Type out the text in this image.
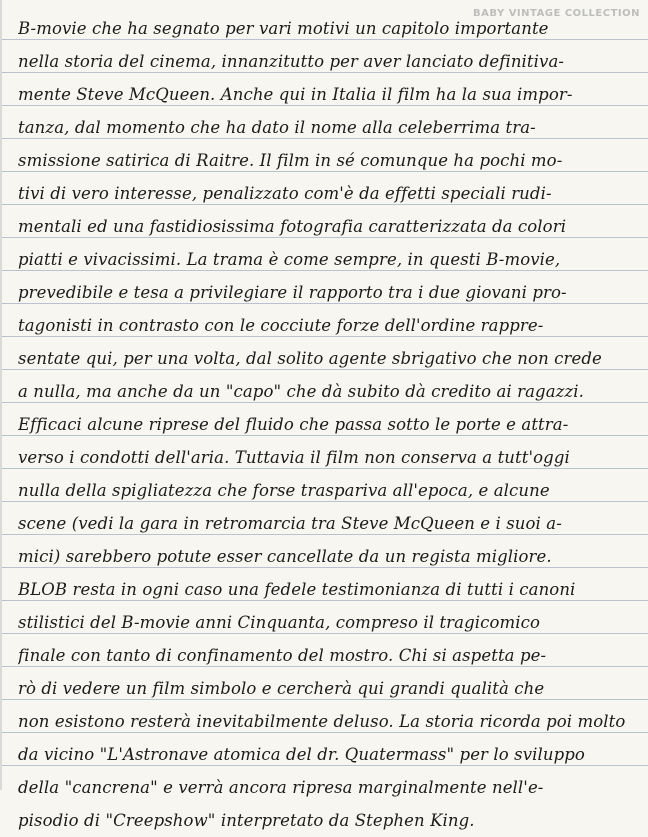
BABY VINTAGE COLLECTION
B-movie che ha segnato per vari motivi un capitolo importante
nella storia del cinema, innanzitutto per aver lanciato definitiva-
mente Steve McQueen. Anche qui in Italia il film ha la sua impor-
tanza, dal momento che ha dato il nome alla celeberrima tra-
smissione satirica di Raitre. Il film in sé comunque ha pochi mo-
tivi di vero interesse, penalizzato com'è da effetti speciali rudi-
mentali ed una fastidiosissima fotografia caratterizzata da colori
piatti e vivacissimi. La trama è come sempre, in questi B-movie,
prevedibile e tesa a privilegiare il rapporto tra i due giovani pro-
tagonisti in contrasto con le cocciute forze dell'ordine rappre-
sentate qui, per una volta, dal solito agente sbrigativo che non crede
a nulla, ma anche da un "capo" che dà subito dà credito ai ragazzi.
Efficaci alcune riprese del fluido che passa sotto le porte e attra-
verso i condotti dell'aria. Tuttavia il film non conserva a tutt'oggi
nulla della spigliatezza che forse traspariva all'epoca, e alcune
scene (vedi la gara in retromarcia tra Steve McQueen e i suoi a-
mici) sarebbero potute esser cancellate da un regista migliore.
BLOB resta in ogni caso una fedele testimonianza di tutti i canoni
stilistici del B-movie anni Cinquanta, compreso il tragicomico
finale con tanto di confinamento del mostro. Chi si aspetta pe-
rò di vedere un film simbolo e cercherà qui grandi qualità che
non esistono resterà inevitabilmente deluso. La storia ricorda poi molto
da vicino "L'Astronave atomica del dr. Quatermass" per lo sviluppo
della "cancrena" e verrà ancora ripresa marginalmente nell'e-
pisodio di "Creepshow" interpretato da Stephen King.
